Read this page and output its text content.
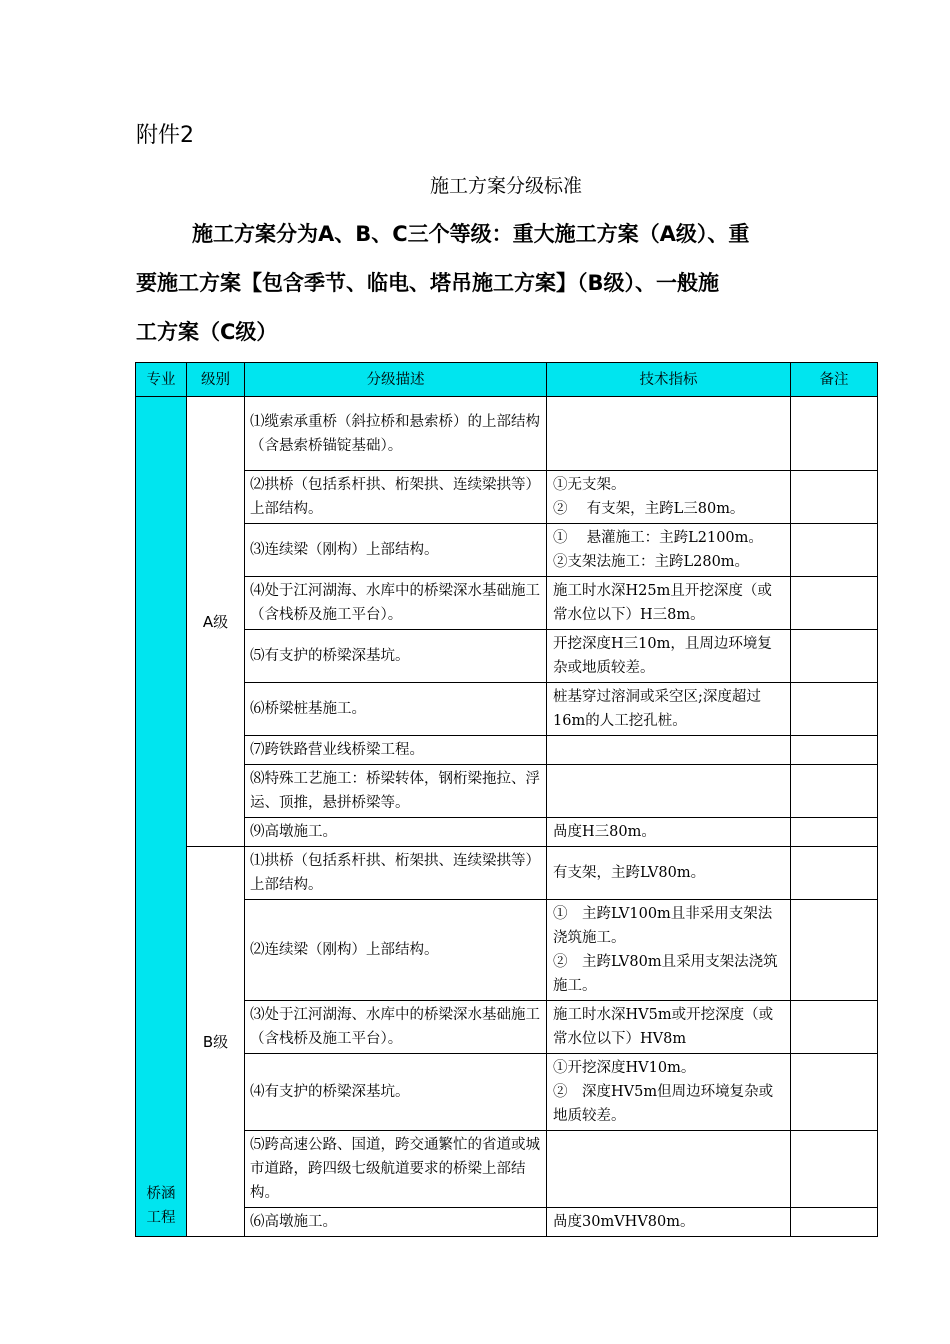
附件2
施工方案分级标准
施工方案分为A、B、C三个等级：重大施工方案（A级）、重
要施工方案【包含季节、临电、塔吊施工方案】（B级）、一般施
工方案（C级）
专业	级别	分级描述	技术指标	备注
桥涵工程	A级	⑴缆索承重桥（斜拉桥和悬索桥）的上部结构（含悬索桥锚锭基础）。		
		⑵拱桥（包括系杆拱、桁架拱、连续梁拱等）上部结构。	①无支架。
②　 有支架，主跨L三80m。	
		⑶连续梁（刚构）上部结构。	①　 悬灌施工：主跨L2100m。
②支架法施工：主跨L280m。	
		⑷处于江河湖海、水库中的桥梁深水基础施工（含栈桥及施工平台）。	施工时水深H25m且开挖深度（或常水位以下）H三8m。	
		⑸有支护的桥梁深基坑。	开挖深度H三10m，且周边环境复杂或地质较差。	
		⑹桥梁桩基施工。	桩基穿过溶洞或采空区;深度超过16m的人工挖孔桩。	
		⑺跨铁路营业线桥梁工程。		
		⑻特殊工艺施工：桥梁转体，钢桁梁拖拉、浮运、顶推，悬拼桥梁等。		
		⑼高墩施工。	咼度H三80m。	
	B级	⑴拱桥（包括系杆拱、桁架拱、连续梁拱等）上部结构。	有支架，主跨LV80m。	
		⑵连续梁（刚构）上部结构。	①　主跨LV100m且非采用支架法浇筑施工。
②　主跨LV80m且采用支架法浇筑施工。	
		⑶处于江河湖海、水库中的桥梁深水基础施工（含栈桥及施工平台）。	施工时水深HV5m或开挖深度（或常水位以下）HV8m	
		⑷有支护的桥梁深基坑。	①开挖深度HV10m。
②　深度HV5m但周边环境复杂或地质较差。	
		⑸跨高速公路、国道，跨交通繁忙的省道或城市道路，跨四级七级航道要求的桥梁上部结构。		
		⑹高墩施工。	咼度30mVHV80m。	
